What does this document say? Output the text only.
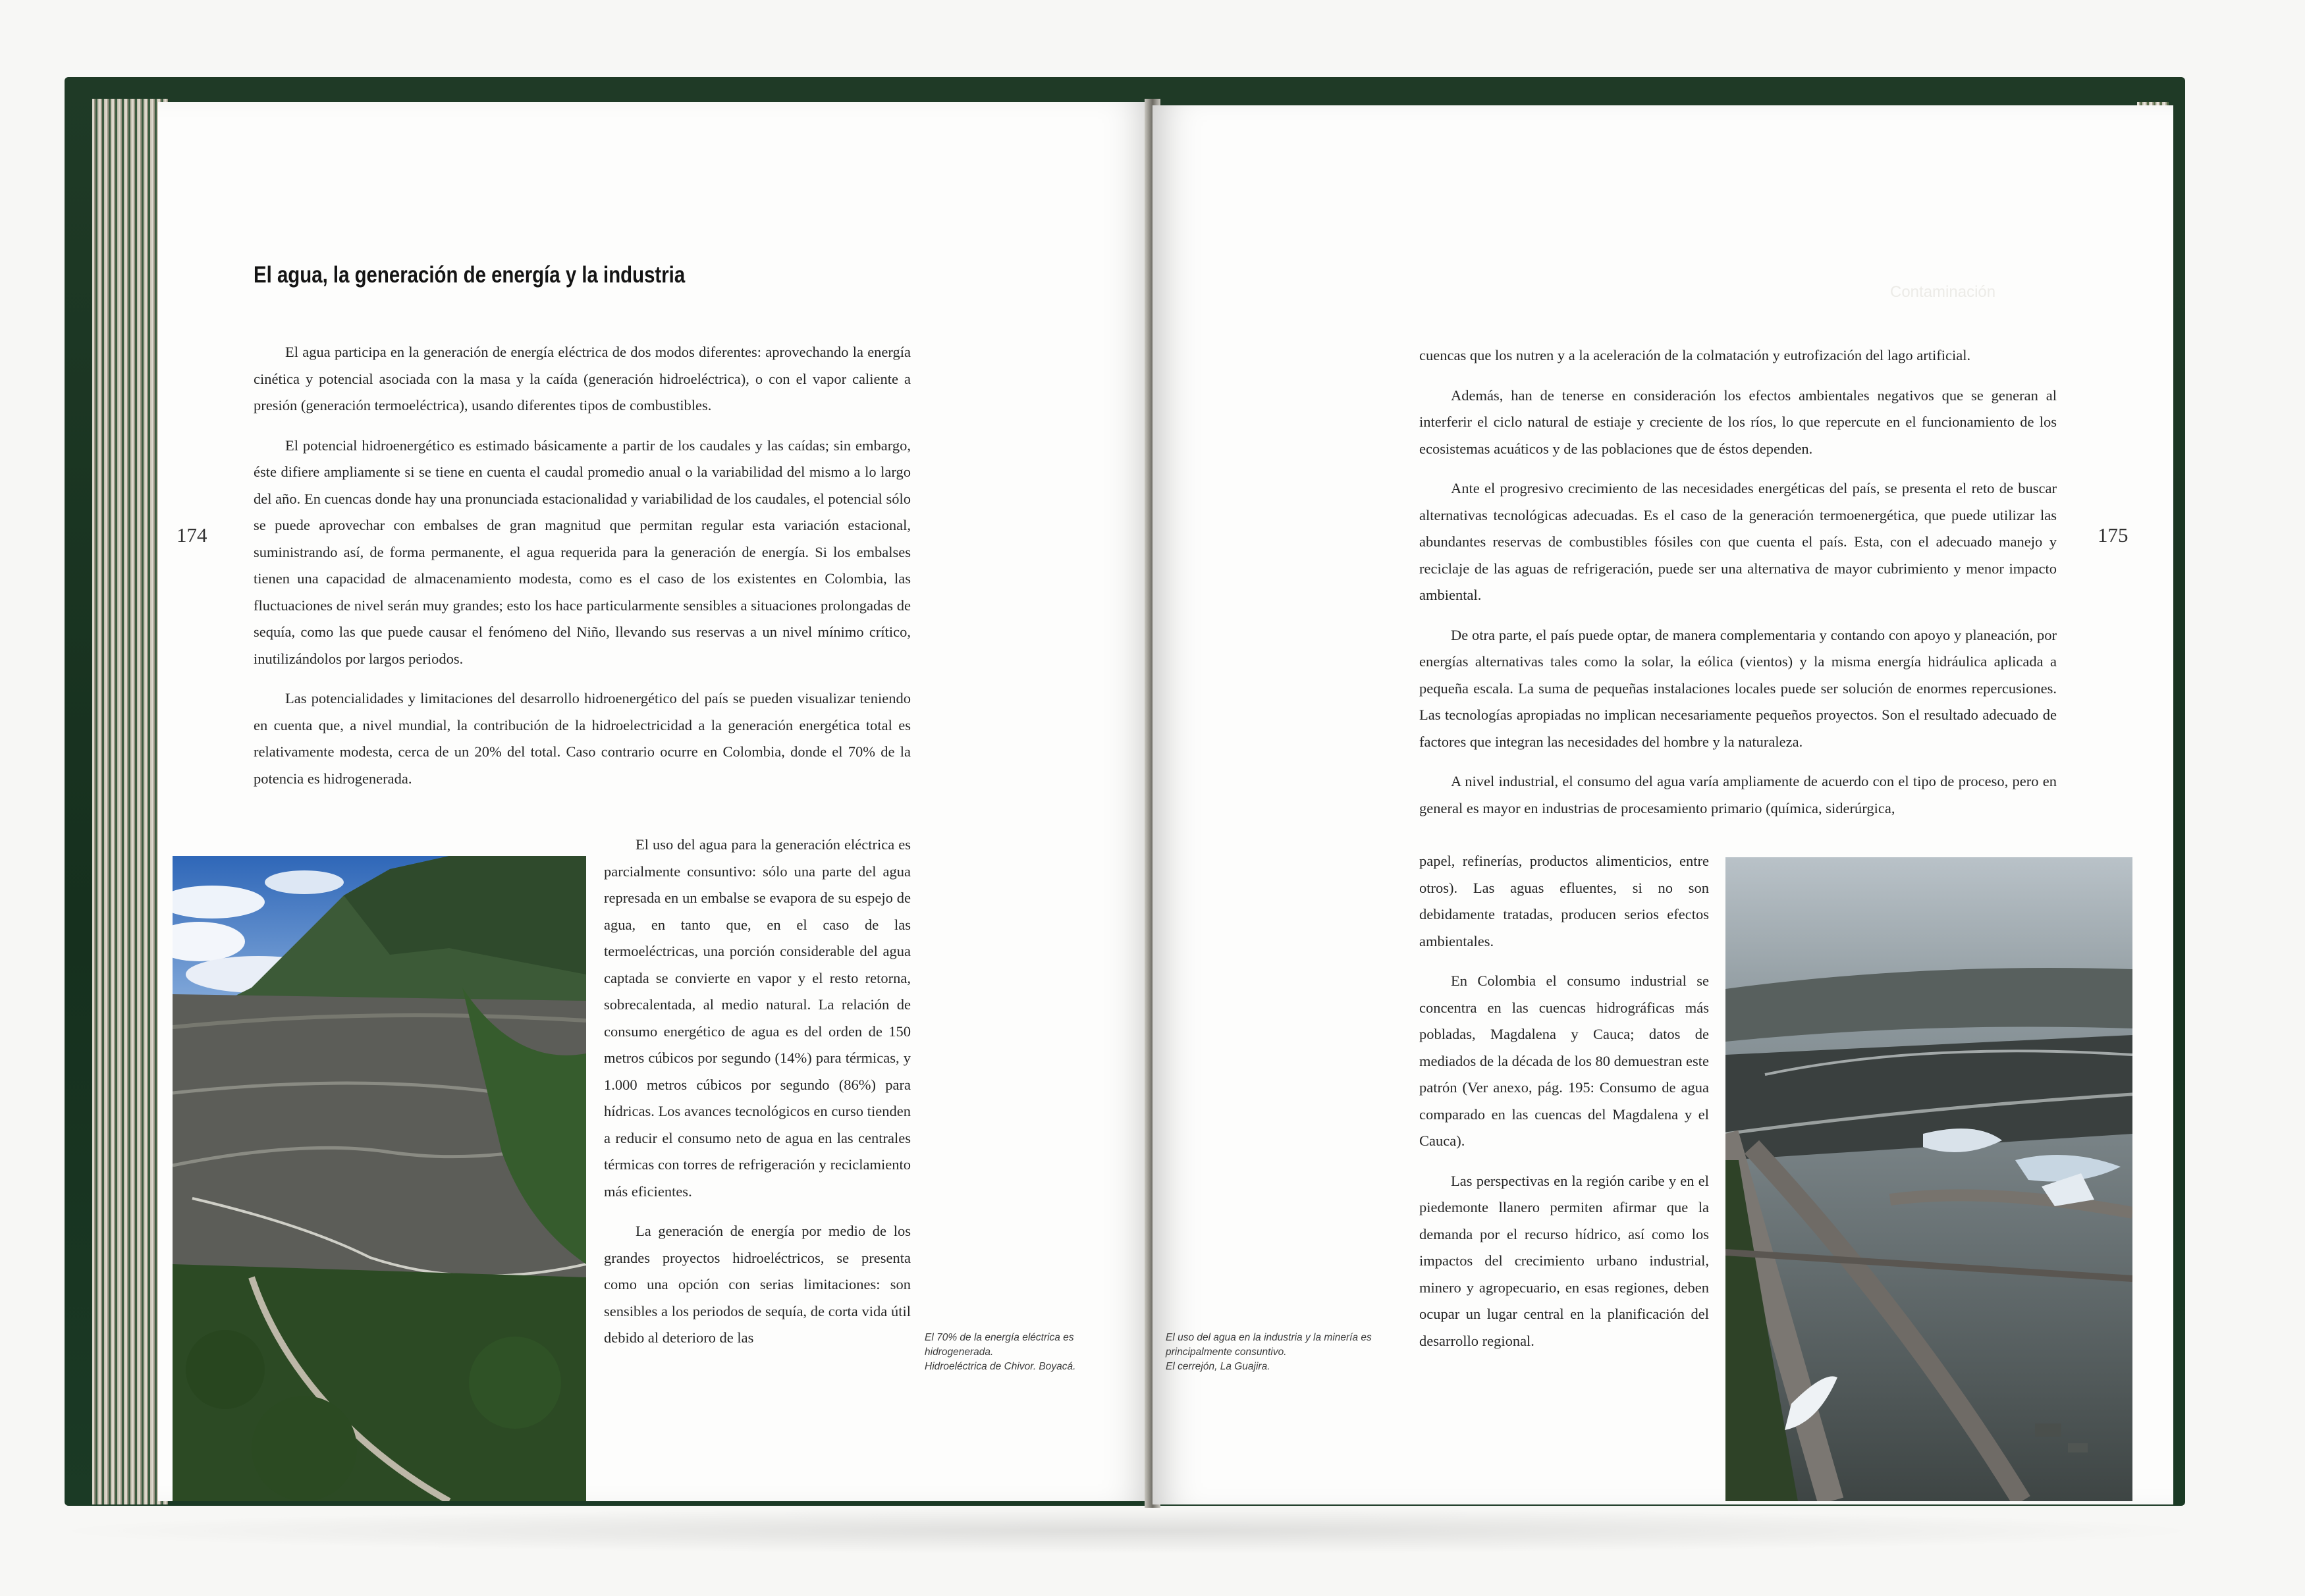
El agua, la generación de energía y la industria
174

El agua participa en la generación de energía eléctrica de dos modos diferentes: aprovechando la energía cinética y potencial asociada con la masa y la caída (generación hidroeléctrica), o con el vapor caliente a presión (generación termoeléctrica), usando diferentes tipos de combustibles.

El potencial hidroenergético es estimado básicamente a partir de los caudales y las caídas; sin embargo, éste difiere ampliamente si se tiene en cuenta el caudal promedio anual o la variabilidad del mismo a lo largo del año. En cuencas donde hay una pronunciada estacionalidad y variabilidad de los caudales, el potencial sólo se puede aprovechar con embalses de gran magnitud que permitan regular esta variación estacional, suministrando así, de forma permanente, el agua requerida para la generación de energía. Si los embalses tienen una capacidad de almacenamiento modesta, como es el caso de los existentes en Colombia, las fluctuaciones de nivel serán muy grandes; esto los hace particularmente sensibles a situaciones prolongadas de sequía, como las que puede causar el fenómeno del Niño, llevando sus reservas a un nivel mínimo crítico, inutilizándolos por largos periodos.

Las potencialidades y limitaciones del desarrollo hidroenergético del país se pueden visualizar teniendo en cuenta que, a nivel mundial, la contribución de la hidroelectricidad a la generación energética total es relativamente modesta, cerca de un 20% del total. Caso contrario ocurre en Colombia, donde el 70% de la potencia es hidrogenerada.

El uso del agua para la generación eléctrica es parcialmente consuntivo: sólo una parte del agua represada en un embalse se evapora de su espejo de agua, en tanto que, en el caso de las termoeléctricas, una porción considerable del agua captada se convierte en vapor y el resto retorna, sobrecalentada, al medio natural. La relación de consumo energético de agua es del orden de 150 metros cúbicos por segundo (14%) para térmicas, y 1.000 metros cúbicos por segundo (86%) para hídricas. Los avances tecnológicos en curso tienden a reducir el consumo neto de agua en las centrales térmicas con torres de refrigeración y reciclamiento más eficientes.

La generación de energía por medio de los grandes proyectos hidroeléctricos, se presenta como una opción con serias limitaciones: son sensibles a los periodos de sequía, de corta vida útil debido al deterioro de las	El 70% de la energía eléctrica es
hidrogenerada.
Hidroeléctrica de Chivor. Boyacá.
Contaminación
175

cuencas que los nutren y a la aceleración de la colmatación y eutrofización del lago artificial.

Además, han de tenerse en consideración los efectos ambientales negativos que se generan al interferir el ciclo natural de estiaje y creciente de los ríos, lo que repercute en el funcionamiento de los ecosistemas acuáticos y de las poblaciones que de éstos dependen.

Ante el progresivo crecimiento de las necesidades energéticas del país, se presenta el reto de buscar alternativas tecnológicas adecuadas. Es el caso de la generación termoenergética, que puede utilizar las abundantes reservas de combustibles fósiles con que cuenta el país. Esta, con el adecuado manejo y reciclaje de las aguas de refrigeración, puede ser una alternativa de mayor cubrimiento y menor impacto ambiental.

De otra parte, el país puede optar, de manera complementaria y contando con apoyo y planeación, por energías alternativas tales como la solar, la eólica (vientos) y la misma energía hidráulica aplicada a pequeña escala. La suma de pequeñas instalaciones locales puede ser solución de enormes repercusiones. Las tecnologías apropiadas no implican necesariamente pequeños proyectos. Son el resultado adecuado de factores que integran las necesidades del hombre y la naturaleza.

A nivel industrial, el consumo del agua varía ampliamente de acuerdo con el tipo de proceso, pero en general es mayor en industrias de procesamiento primario (química, siderúrgica,

papel, refinerías, productos alimenticios, entre otros). Las aguas efluentes, si no son debidamente tratadas, producen serios efectos ambientales.

En Colombia el consumo industrial se concentra en las cuencas hidrográficas más pobladas, Magdalena y Cauca; datos de mediados de la década de los 80 demuestran este patrón (Ver anexo, pág. 195: Consumo de agua comparado en las cuencas del Magdalena y el Cauca).

Las perspectivas en la región caribe y en el piedemonte llanero permiten afirmar que la demanda por el recurso hídrico, así como los impactos del crecimiento urbano industrial, minero y agropecuario, en esas regiones, deben ocupar un lugar central en la planificación del desarrollo regional.

El uso del agua en la industria y la minería es
principalmente consuntivo.
El cerrejón, La Guajira.
